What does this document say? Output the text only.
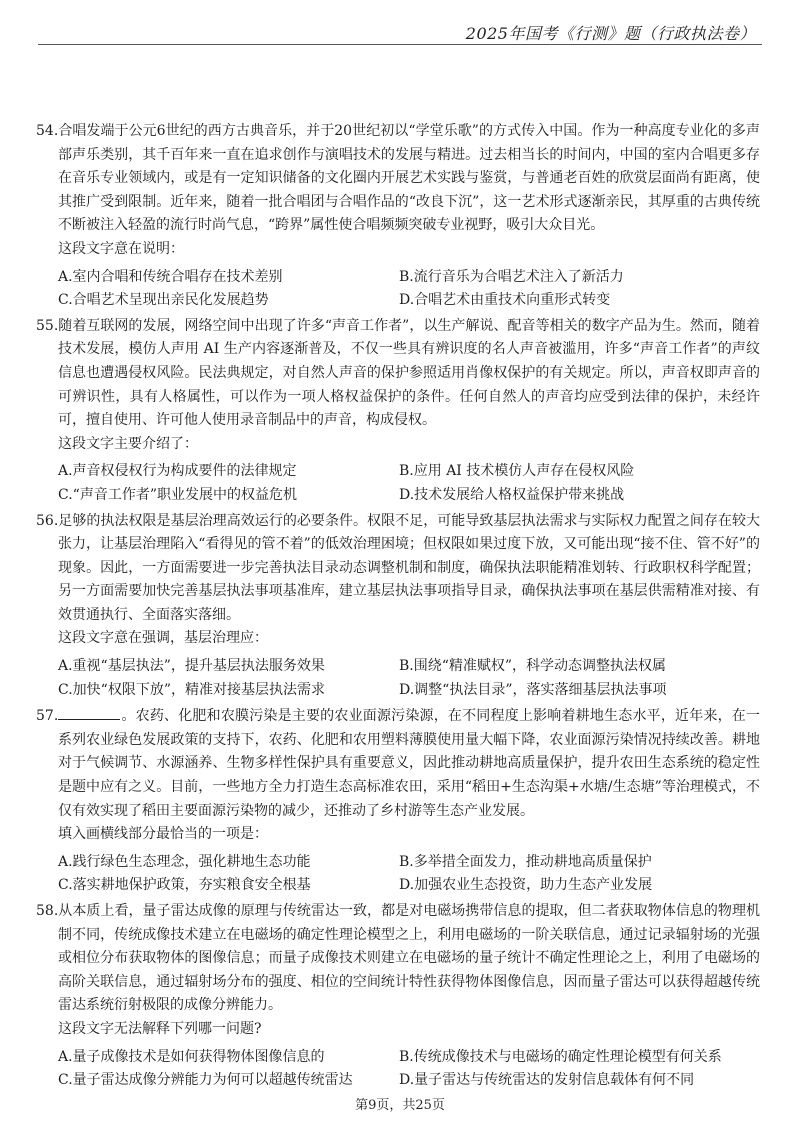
2025年国考《行测》题（行政执法卷）

54.合唱发端于公元6世纪的西方古典音乐，并于20世纪初以“学堂乐歌”的方式传入中国。作为一种高度专业化的多声部声乐类别，其千百年来一直在追求创作与演唱技术的发展与精进。过去相当长的时间内，中国的室内合唱更多存在音乐专业领域内，或是有一定知识储备的文化圈内开展艺术实践与鉴赏，与普通老百姓的欣赏层面尚有距离，使其推广受到限制。近年来，随着一批合唱团与合唱作品的“改良下沉”，这一艺术形式逐渐亲民，其厚重的古典传统不断被注入轻盈的流行时尚气息，“跨界”属性使合唱频频突破专业视野，吸引大众目光。

这段文字意在说明：

A.室内合唱和传统合唱存在技术差别	B.流行音乐为合唱艺术注入了新活力
C.合唱艺术呈现出亲民化发展趋势	D.合唱艺术由重技术向重形式转变

55.随着互联网的发展，网络空间中出现了许多“声音工作者”，以生产解说、配音等相关的数字产品为生。然而，随着技术发展，模仿人声用 AI 生产内容逐渐普及，不仅一些具有辨识度的名人声音被滥用，许多“声音工作者”的声纹信息也遭遇侵权风险。民法典规定，对自然人声音的保护参照适用肖像权保护的有关规定。所以，声音权即声音的可辨识性，具有人格属性，可以作为一项人格权益保护的条件。任何自然人的声音均应受到法律的保护，未经许可，擅自使用、许可他人使用录音制品中的声音，构成侵权。

这段文字主要介绍了：

A.声音权侵权行为构成要件的法律规定	B.应用 AI 技术模仿人声存在侵权风险
C.“声音工作者”职业发展中的权益危机	D.技术发展给人格权益保护带来挑战

56.足够的执法权限是基层治理高效运行的必要条件。权限不足，可能导致基层执法需求与实际权力配置之间存在较大张力，让基层治理陷入“看得见的管不着”的低效治理困境；但权限如果过度下放，又可能出现“接不住、管不好”的现象。因此，一方面需要进一步完善执法目录动态调整机制和制度，确保执法职能精准划转、行政职权科学配置；另一方面需要加快完善基层执法事项基准库，建立基层执法事项指导目录，确保执法事项在基层供需精准对接、有效贯通执行、全面落实落细。

这段文字意在强调，基层治理应：

A.重视“基层执法”，提升基层执法服务效果	B.围绕“精准赋权”，科学动态调整执法权属
C.加快“权限下放”，精准对接基层执法需求	D.调整“执法目录”，落实落细基层执法事项

57.	。农药、化肥和农膜污染是主要的农业面源污染源，在不同程度上影响着耕地生态水平，近年来，在一系列农业绿色发展政策的支持下，农药、化肥和农用塑料薄膜使用量大幅下降，农业面源污染情况持续改善。耕地对于气候调节、水源涵养、生物多样性保护具有重要意义，因此推动耕地高质量保护，提升农田生态系统的稳定性是题中应有之义。目前，一些地方全力打造生态高标准农田，采用“稻田+生态沟渠+水塘/生态塘”等治理模式，不仅有效实现了稻田主要面源污染物的减少，还推动了乡村游等生态产业发展。

填入画横线部分最恰当的一项是：

A.践行绿色生态理念，强化耕地生态功能	B.多举措全面发力，推动耕地高质量保护
C.落实耕地保护政策，夯实粮食安全根基	D.加强农业生态投资，助力生态产业发展

58.从本质上看，量子雷达成像的原理与传统雷达一致，都是对电磁场携带信息的提取，但二者获取物体信息的物理机制不同，传统成像技术建立在电磁场的确定性理论模型之上，利用电磁场的一阶关联信息，通过记录辐射场的光强或相位分布获取物体的图像信息；而量子成像技术则建立在电磁场的量子统计不确定性理论之上，利用了电磁场的高阶关联信息，通过辐射场分布的强度、相位的空间统计特性获得物体图像信息，因而量子雷达可以获得超越传统雷达系统衍射极限的成像分辨能力。

这段文字无法解释下列哪一问题?

A.量子成像技术是如何获得物体图像信息的	B.传统成像技术与电磁场的确定性理论模型有何关系
C.量子雷达成像分辨能力为何可以超越传统雷达	D.量子雷达与传统雷达的发射信息载体有何不同
第9页，共25页
